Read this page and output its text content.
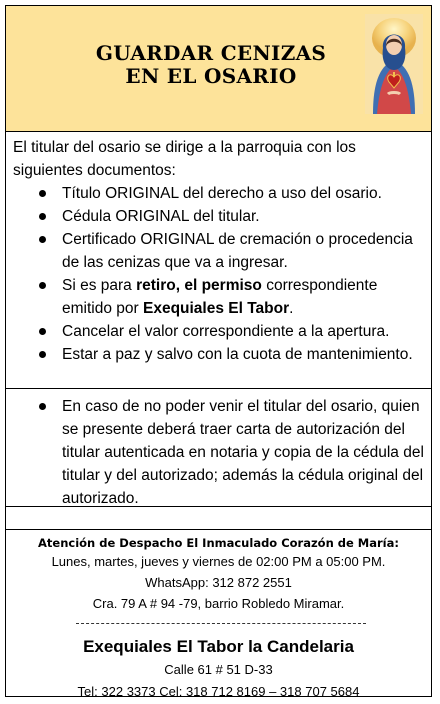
GUARDAR CENIZAS
EN EL OSARIO
El titular del osario se dirige a la parroquia con los siguientes documentos:
Título ORIGINAL del derecho a uso del osario.
Cédula ORIGINAL del titular.
Certificado ORIGINAL de cremación o procedencia de las cenizas que va a ingresar.
Si es para retiro, el permiso correspondiente emitido por Exequiales El Tabor.
Cancelar el valor correspondiente a la apertura.
Estar a paz y salvo con la cuota de mantenimiento.
En caso de no poder venir el titular del osario, quien se presente deberá traer carta de autorización del titular autenticada en notaria y copia de la cédula del titular y del autorizado; además la cédula original del autorizado.
Atención de Despacho El Inmaculado Corazón de María:
Lunes, martes, jueves y viernes de 02:00 PM a 05:00 PM.
WhatsApp: 312 872 2551
Cra. 79 A # 94 -79, barrio Robledo Miramar.
Exequiales El Tabor la Candelaria
Calle 61 # 51 D-33
Tel: 322 3373 Cel: 318 712 8169 – 318 707 5684
